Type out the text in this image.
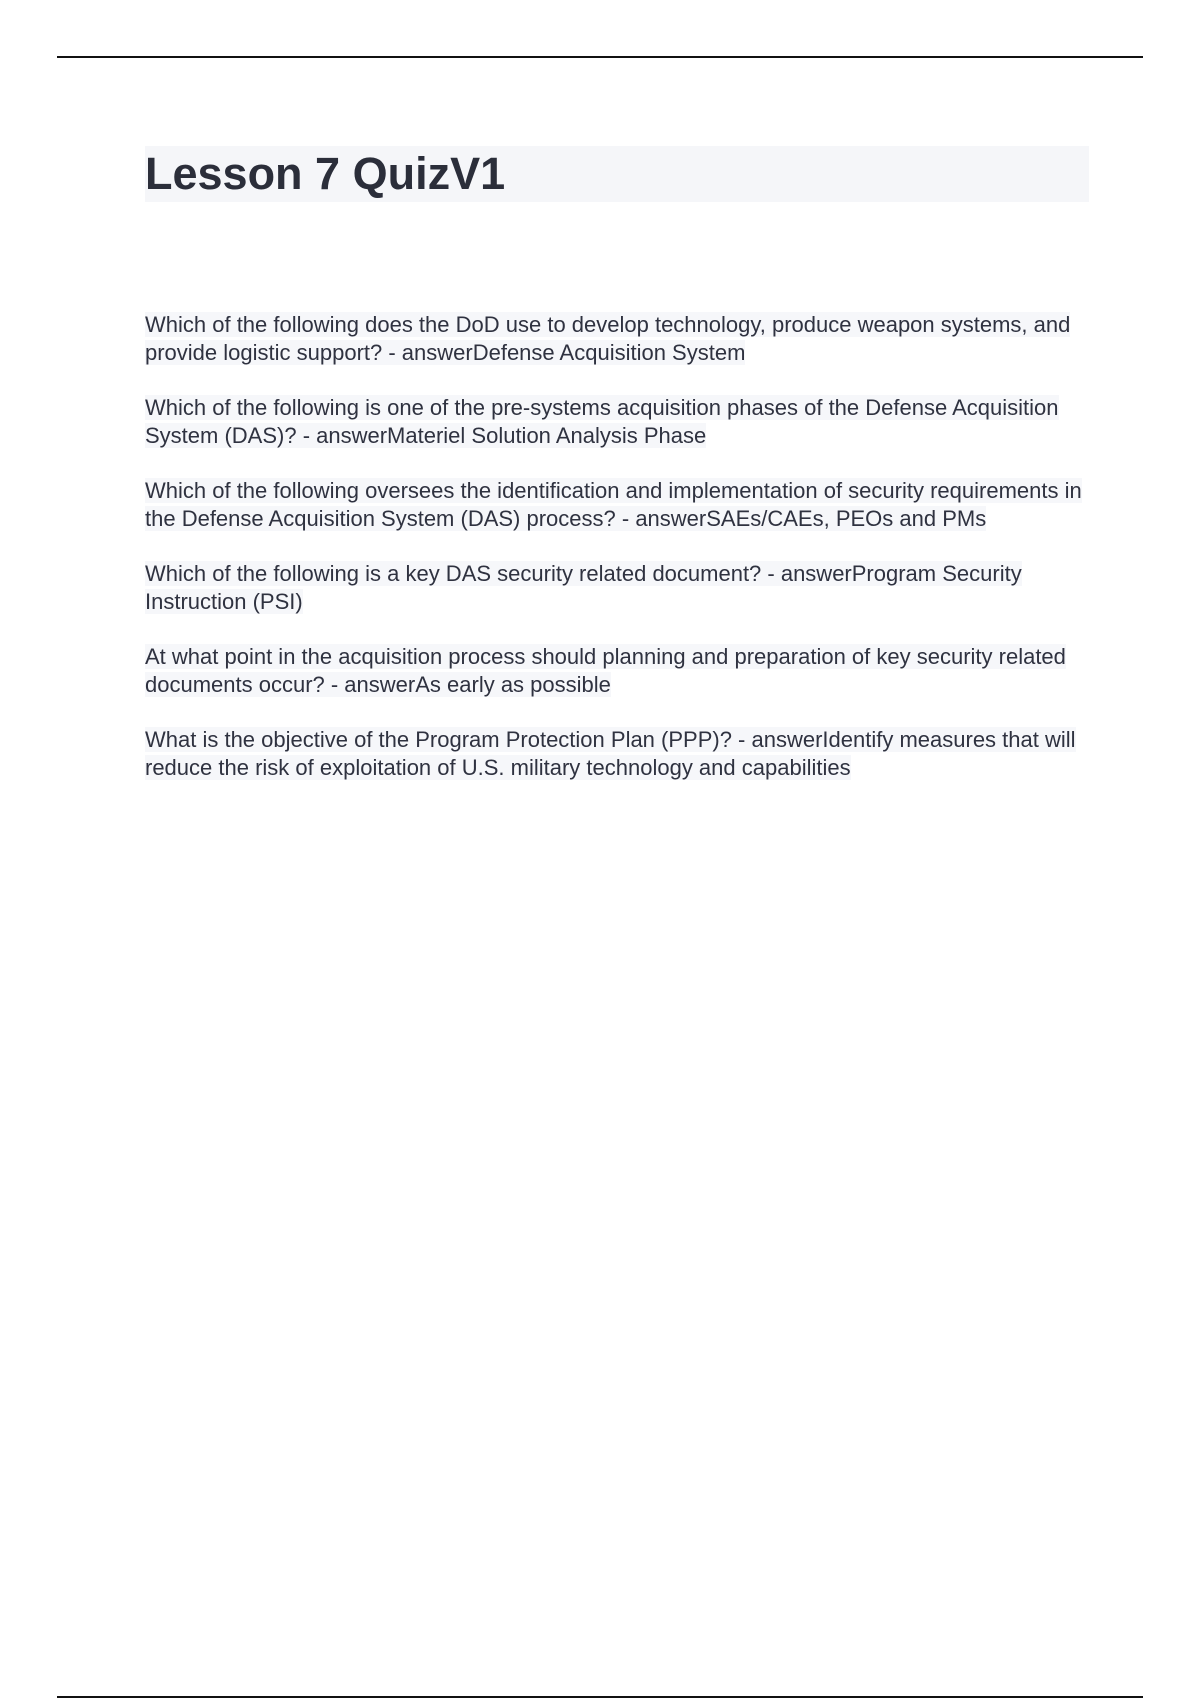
Lesson 7 QuizV1
Which of the following does the DoD use to develop technology, produce weapon systems, and provide logistic support? - answerDefense Acquisition System
Which of the following is one of the pre-systems acquisition phases of the Defense Acquisition System (DAS)? - answerMateriel Solution Analysis Phase
Which of the following oversees the identification and implementation of security requirements in the Defense Acquisition System (DAS) process? - answerSAEs/CAEs, PEOs and PMs
Which of the following is a key DAS security related document? - answerProgram Security Instruction (PSI)
At what point in the acquisition process should planning and preparation of key security related documents occur? - answerAs early as possible
What is the objective of the Program Protection Plan (PPP)? - answerIdentify measures that will reduce the risk of exploitation of U.S. military technology and capabilities
